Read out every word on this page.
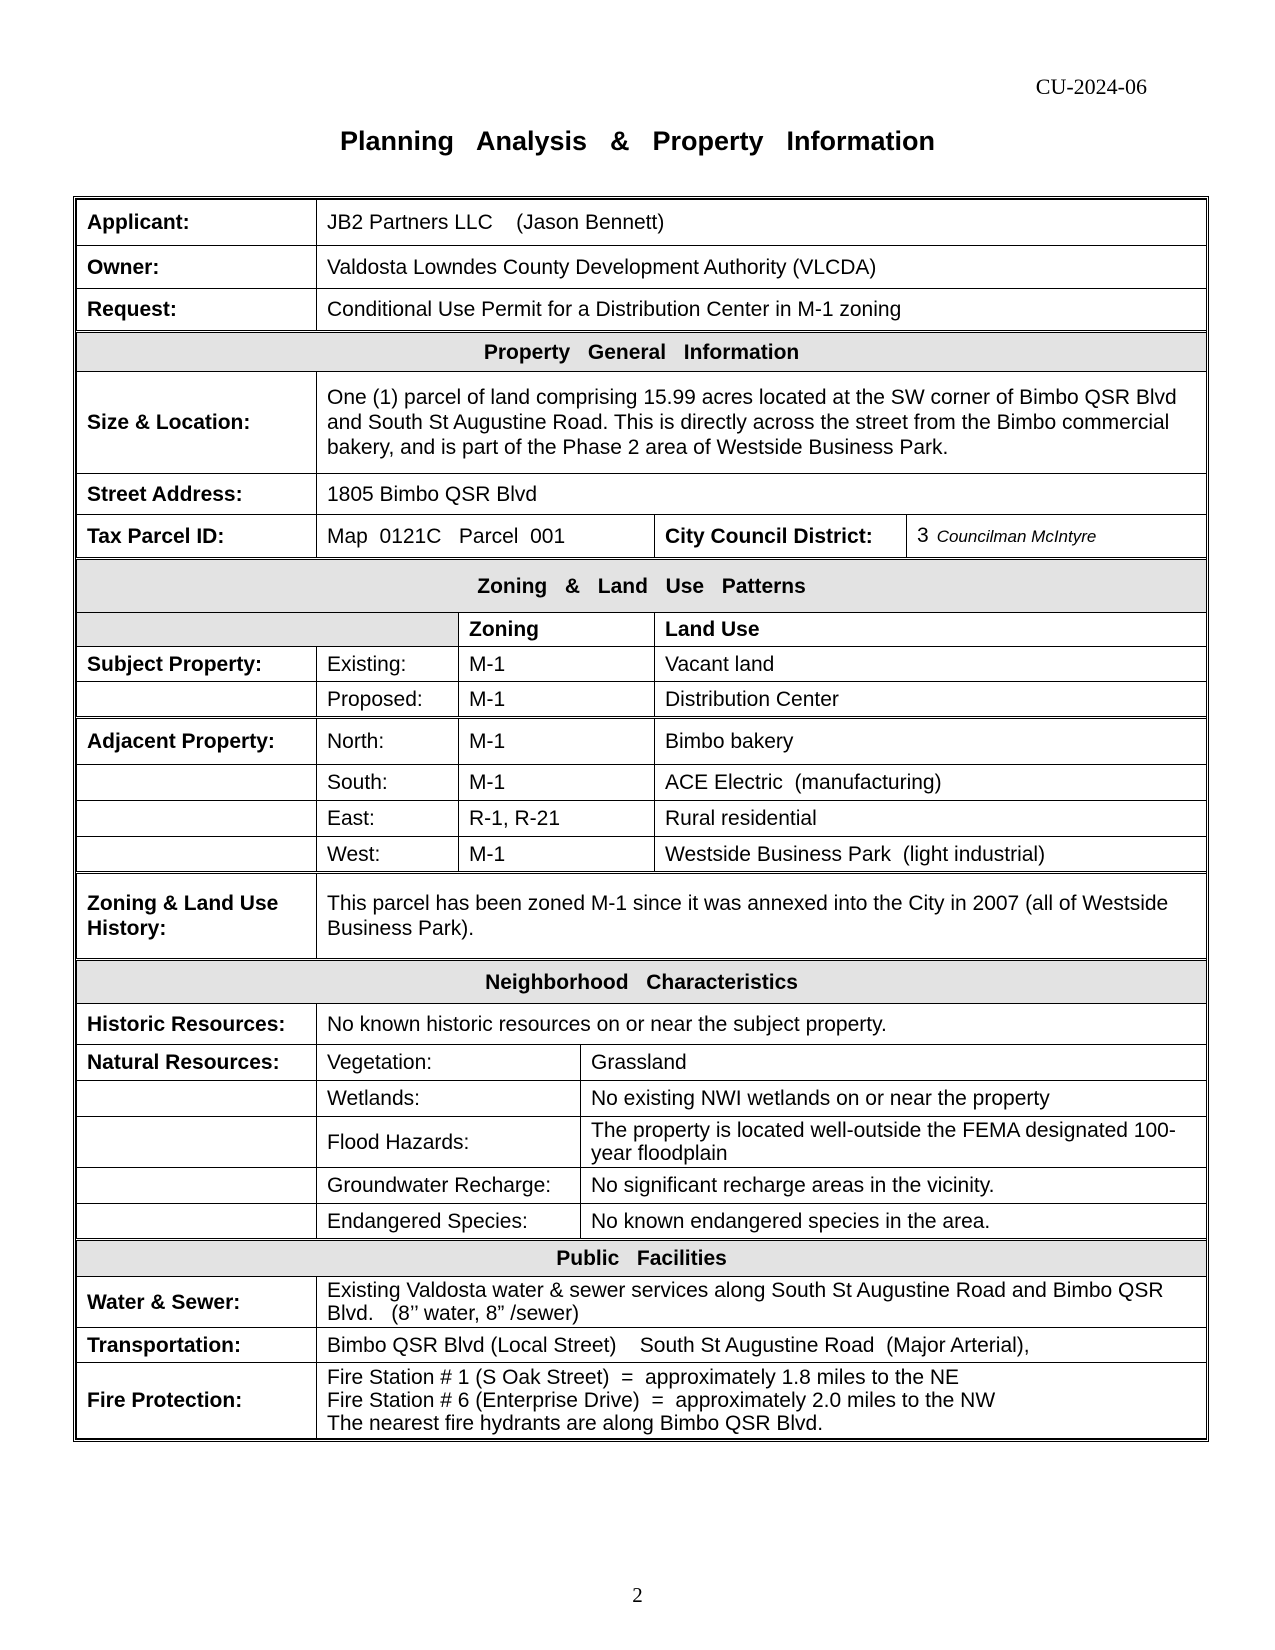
CU-2024-06
Planning  Analysis  &  Property  Information
Applicant:	JB2 Partners LLC    (Jason Bennett)				
Owner:	Valdosta Lowndes County Development Authority (VLCDA)				
Request:	Conditional Use Permit for a Distribution Center in M-1 zoning				
Property  General  Information					
Size & Location:	One (1) parcel of land comprising 15.99 acres located at the SW corner of Bimbo QSR Blvd and South St Augustine Road. This is directly across the street from the Bimbo commercial bakery, and is part of the Phase 2 area of Westside Business Park.				
Street Address:	1805 Bimbo QSR Blvd				
Tax Parcel ID:	Map  0121C   Parcel  001			City Council District:	3 Councilman McIntyre
Zoning  &  Land  Use  Patterns					
		Zoning		Land Use	
Subject Property:	Existing:	M-1		Vacant land	
	Proposed:	M-1		Distribution Center	
Adjacent Property:	North:	M-1		Bimbo bakery	
	South:	M-1		ACE Electric  (manufacturing)	
	East:	R-1, R-21		Rural residential	
	West:	M-1		Westside Business Park  (light industrial)	
Zoning & Land Use History:	This parcel has been zoned M-1 since it was annexed into the City in 2007 (all of Westside Business Park).				
Neighborhood  Characteristics					
Historic Resources:	No known historic resources on or near the subject property.				
Natural Resources:	Vegetation:		Grassland		
	Wetlands:		No existing NWI wetlands on or near the property		
	Flood Hazards:		The property is located well-outside the FEMA designated 100-year floodplain		
	Groundwater Recharge:		No significant recharge areas in the vicinity.		
	Endangered Species:		No known endangered species in the area.		
Public  Facilities					
Water & Sewer:	Existing Valdosta water & sewer services along South St Augustine Road and Bimbo QSR Blvd.   (8’’ water, 8” /sewer)				
Transportation:	Bimbo QSR Blvd (Local Street)    South St Augustine Road  (Major Arterial),				
Fire Protection:	Fire Station # 1 (S Oak Street)  =  approximately 1.8 miles to the NE
Fire Station # 6 (Enterprise Drive)  =  approximately 2.0 miles to the NW
The nearest fire hydrants are along Bimbo QSR Blvd.				
2
